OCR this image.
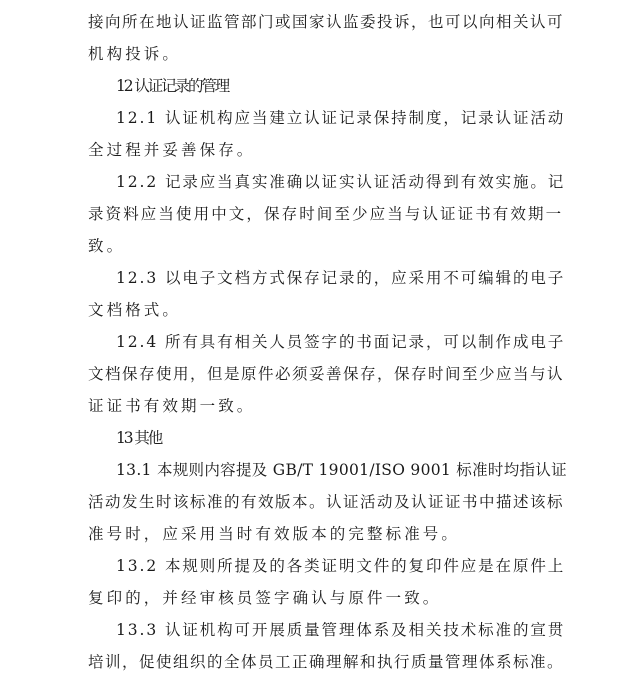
接向所在地认证监管部门或国家认监委投诉，也可以向相关认可
机构投诉。
12 认证记录的管理
12.1 认证机构应当建立认证记录保持制度，记录认证活动
全过程并妥善保存。
12.2 记录应当真实准确以证实认证活动得到有效实施。记
录资料应当使用中文，保存时间至少应当与认证证书有效期一
致。
12.3 以电子文档方式保存记录的，应采用不可编辑的电子
文档格式。
12.4 所有具有相关人员签字的书面记录，可以制作成电子
文档保存使用，但是原件必须妥善保存，保存时间至少应当与认
证证书有效期一致。
13 其他
13.1 本规则内容提及 GB/T 19001/ISO 9001 标准时均指认证
活动发生时该标准的有效版本。认证活动及认证证书中描述该标
准号时，应采用当时有效版本的完整标准号。
13.2 本规则所提及的各类证明文件的复印件应是在原件上
复印的，并经审核员签字确认与原件一致。
13.3 认证机构可开展质量管理体系及相关技术标准的宣贯
培训，促使组织的全体员工正确理解和执行质量管理体系标准。
